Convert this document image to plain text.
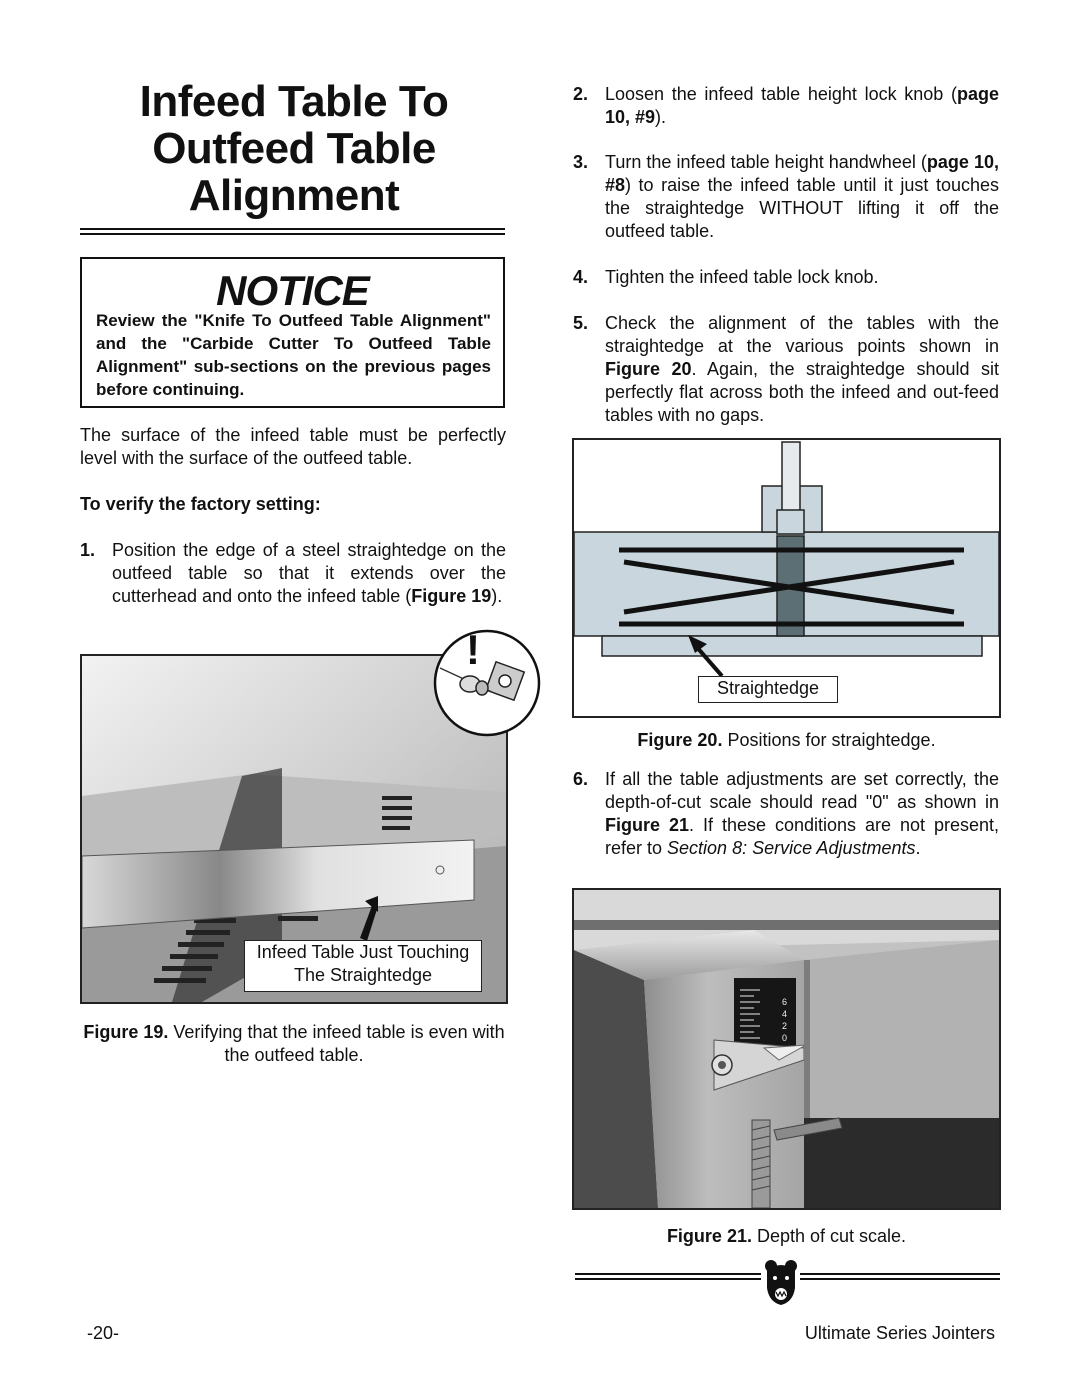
Infeed Table To
Outfeed Table
Alignment
NOTICE
Review the "Knife To Outfeed Table Alignment" and the "Carbide Cutter To Outfeed Table Alignment" sub-sections on the previous pages before continuing.
The surface of the infeed table must be perfectly level with the surface of the outfeed table.
To verify the factory setting:
1. Position the edge of a steel straightedge on the outfeed table so that it extends over the cutterhead and onto the infeed table (Figure 19).
Infeed Table Just Touching
The Straightedge
!
Figure 19. Verifying that the infeed table is even with the outfeed table.
2. Loosen the infeed table height lock knob (page 10, #9).
3. Turn the infeed table height handwheel (page 10, #8) to raise the infeed table until it just touches the straightedge WITHOUT lifting it off the outfeed table.
4. Tighten the infeed table lock knob.
5. Check the alignment of the tables with the straightedge at the various points shown in Figure 20. Again, the straightedge should sit perfectly flat across both the infeed and out-feed tables with no gaps.
Straightedge
Figure 20. Positions for straightedge.
6. If all the table adjustments are set correctly, the depth-of-cut scale should read "0" as shown in Figure 21. If these conditions are not present, refer to Section 8: Service Adjustments.
6
4
2
0
Figure 21. Depth of cut scale.
-20-	Ultimate Series Jointers
